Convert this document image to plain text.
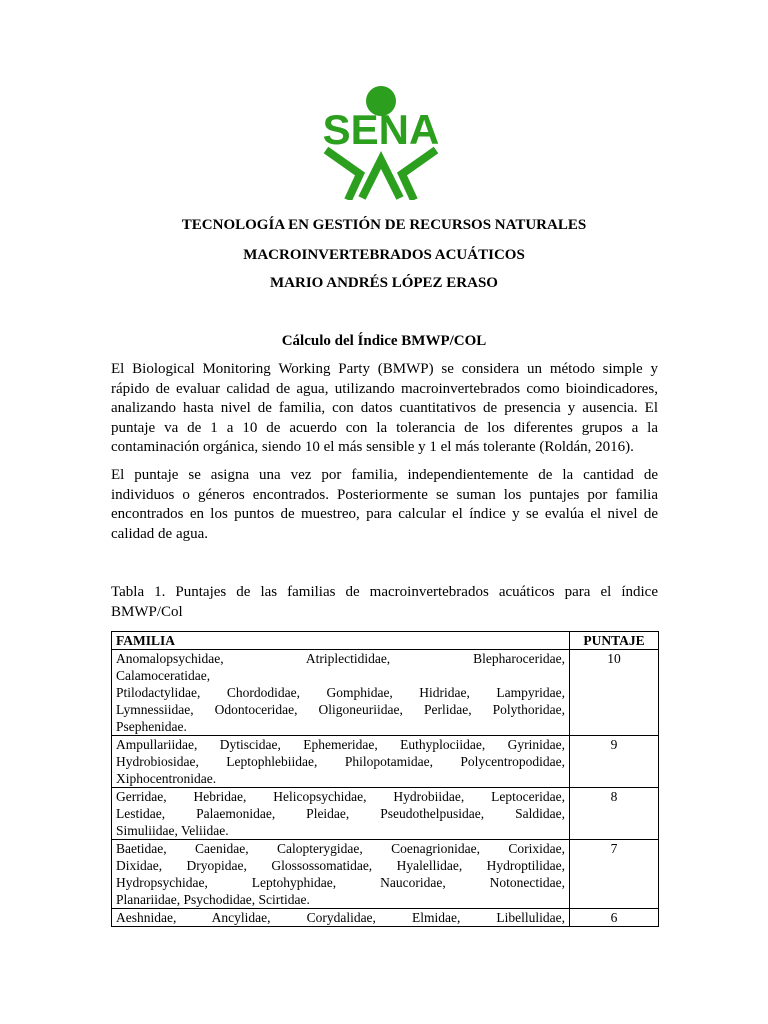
SENA

TECNOLOGÍA EN GESTIÓN DE RECURSOS NATURALES

MACROINVERTEBRADOS ACUÁTICOS

MARIO ANDRÉS LÓPEZ ERASO

Cálculo del Índice BMWP/COL

El Biological Monitoring Working Party (BMWP) se considera un método simple y
rápido de evaluar calidad de agua, utilizando macroinvertebrados como bioindicadores,
analizando hasta nivel de familia, con datos cuantitativos de presencia y ausencia. El
puntaje va de 1 a 10 de acuerdo con la tolerancia de los diferentes grupos a la
contaminación orgánica, siendo 10 el más sensible y 1 el más tolerante (Roldán, 2016).
El puntaje se asigna una vez por familia, independientemente de la cantidad de
individuos o géneros encontrados. Posteriormente se suman los puntajes por familia
encontrados en los puntos de muestreo, para calcular el índice y se evalúa el nivel de
calidad de agua.
Tabla 1. Puntajes de las familias de macroinvertebrados acuáticos para el índice
BMWP/Col
FAMILIA	PUNTAJE

Anomalopsychidae, Atriplectididae, Blepharoceridae,
Calamoceratidae,
Ptilodactylidae, Chordodidae, Gomphidae, Hidridae, Lampyridae,
Lymnessiidae, Odontoceridae, Oligoneuriidae, Perlidae, Polythoridae,
Psephenidae.	10

Ampullariidae, Dytiscidae, Ephemeridae, Euthyplociidae, Gyrinidae,
Hydrobiosidae, Leptophlebiidae, Philopotamidae, Polycentropodidae,
Xiphocentronidae.	9

Gerridae, Hebridae, Helicopsychidae, Hydrobiidae, Leptoceridae,
Lestidae, Palaemonidae, Pleidae, Pseudothelpusidae, Saldidae,
Simuliidae, Veliidae.	8

Baetidae, Caenidae, Calopterygidae, Coenagrionidae, Corixidae,
Dixidae, Dryopidae, Glossossomatidae, Hyalellidae, Hydroptilidae,
Hydropsychidae, Leptohyphidae, Naucoridae, Notonectidae,
Planariidae, Psychodidae, Scirtidae.	7

Aeshnidae, Ancylidae, Corydalidae, Elmidae, Libellulidae,	6
